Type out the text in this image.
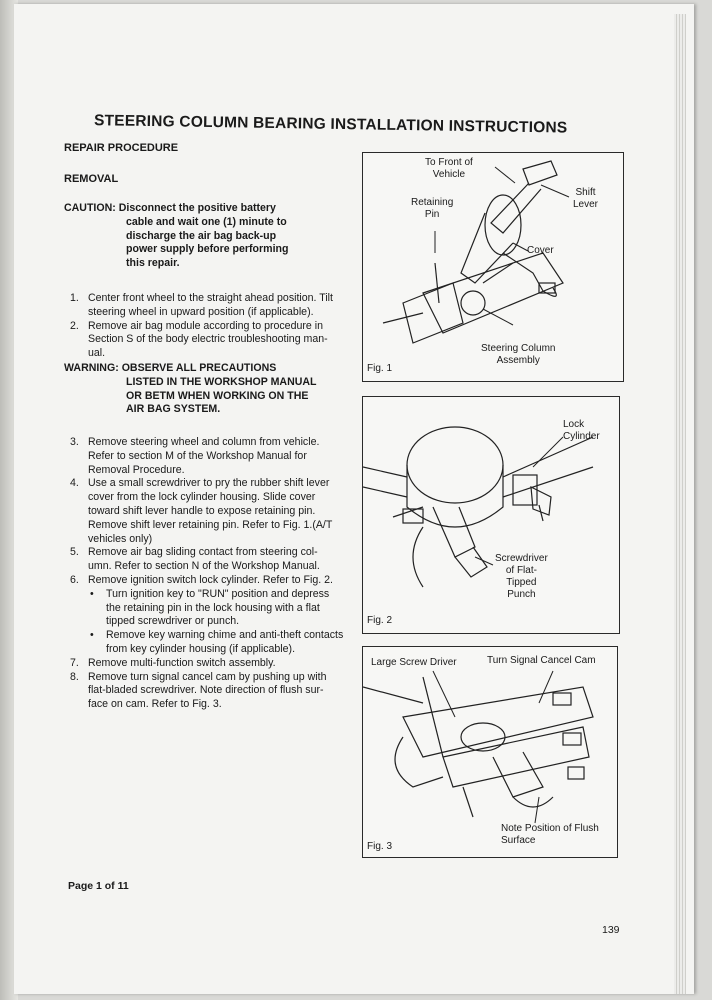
STEERING COLUMN BEARING INSTALLATION INSTRUCTIONS
REPAIR PROCEDURE
REMOVAL
CAUTION: Disconnect the positive battery
cable and wait one (1) minute to
discharge the air bag back-up
power supply before performing
this repair.
1. Center front wheel to the straight ahead position. Tilt
steering wheel in upward position (if applicable).
2. Remove air bag module according to procedure in
Section S of the body electric troubleshooting man-
ual.
WARNING: OBSERVE ALL PRECAUTIONS
LISTED IN THE WORKSHOP MANUAL
OR BETM WHEN WORKING ON THE
AIR BAG SYSTEM.
3. Remove steering wheel and column from vehicle.
Refer to section M of the Workshop Manual for
Removal Procedure.
4. Use a small screwdriver to pry the rubber shift lever
cover from the lock cylinder housing. Slide cover
toward shift lever handle to expose retaining pin.
Remove shift lever retaining pin. Refer to Fig. 1.(A/T
vehicles only)
5. Remove air bag sliding contact from steering col-
umn. Refer to section N of the Workshop Manual.
6. Remove ignition switch lock cylinder. Refer to Fig. 2.
•	Turn ignition key to "RUN" position and depress
the retaining pin in the lock housing with a flat
tipped screwdriver or punch.
•	Remove key warning chime and anti-theft contacts
from key cylinder housing (if applicable).
7. Remove multi-function switch assembly.
8. Remove turn signal cancel cam by pushing up with
flat-bladed screwdriver. Note direction of flush sur-
face on cam. Refer to Fig. 3.
To Front of
Vehicle
Shift
Lever
Retaining
Pin
Cover
Steering Column
Assembly
Fig. 1
Lock
Cylinder
Screwdriver
of Flat-
Tipped
Punch
Fig. 2
Large Screw Driver	Turn Signal Cancel Cam
Note Position of Flush
Surface
Fig. 3
Page 1 of 11
139
